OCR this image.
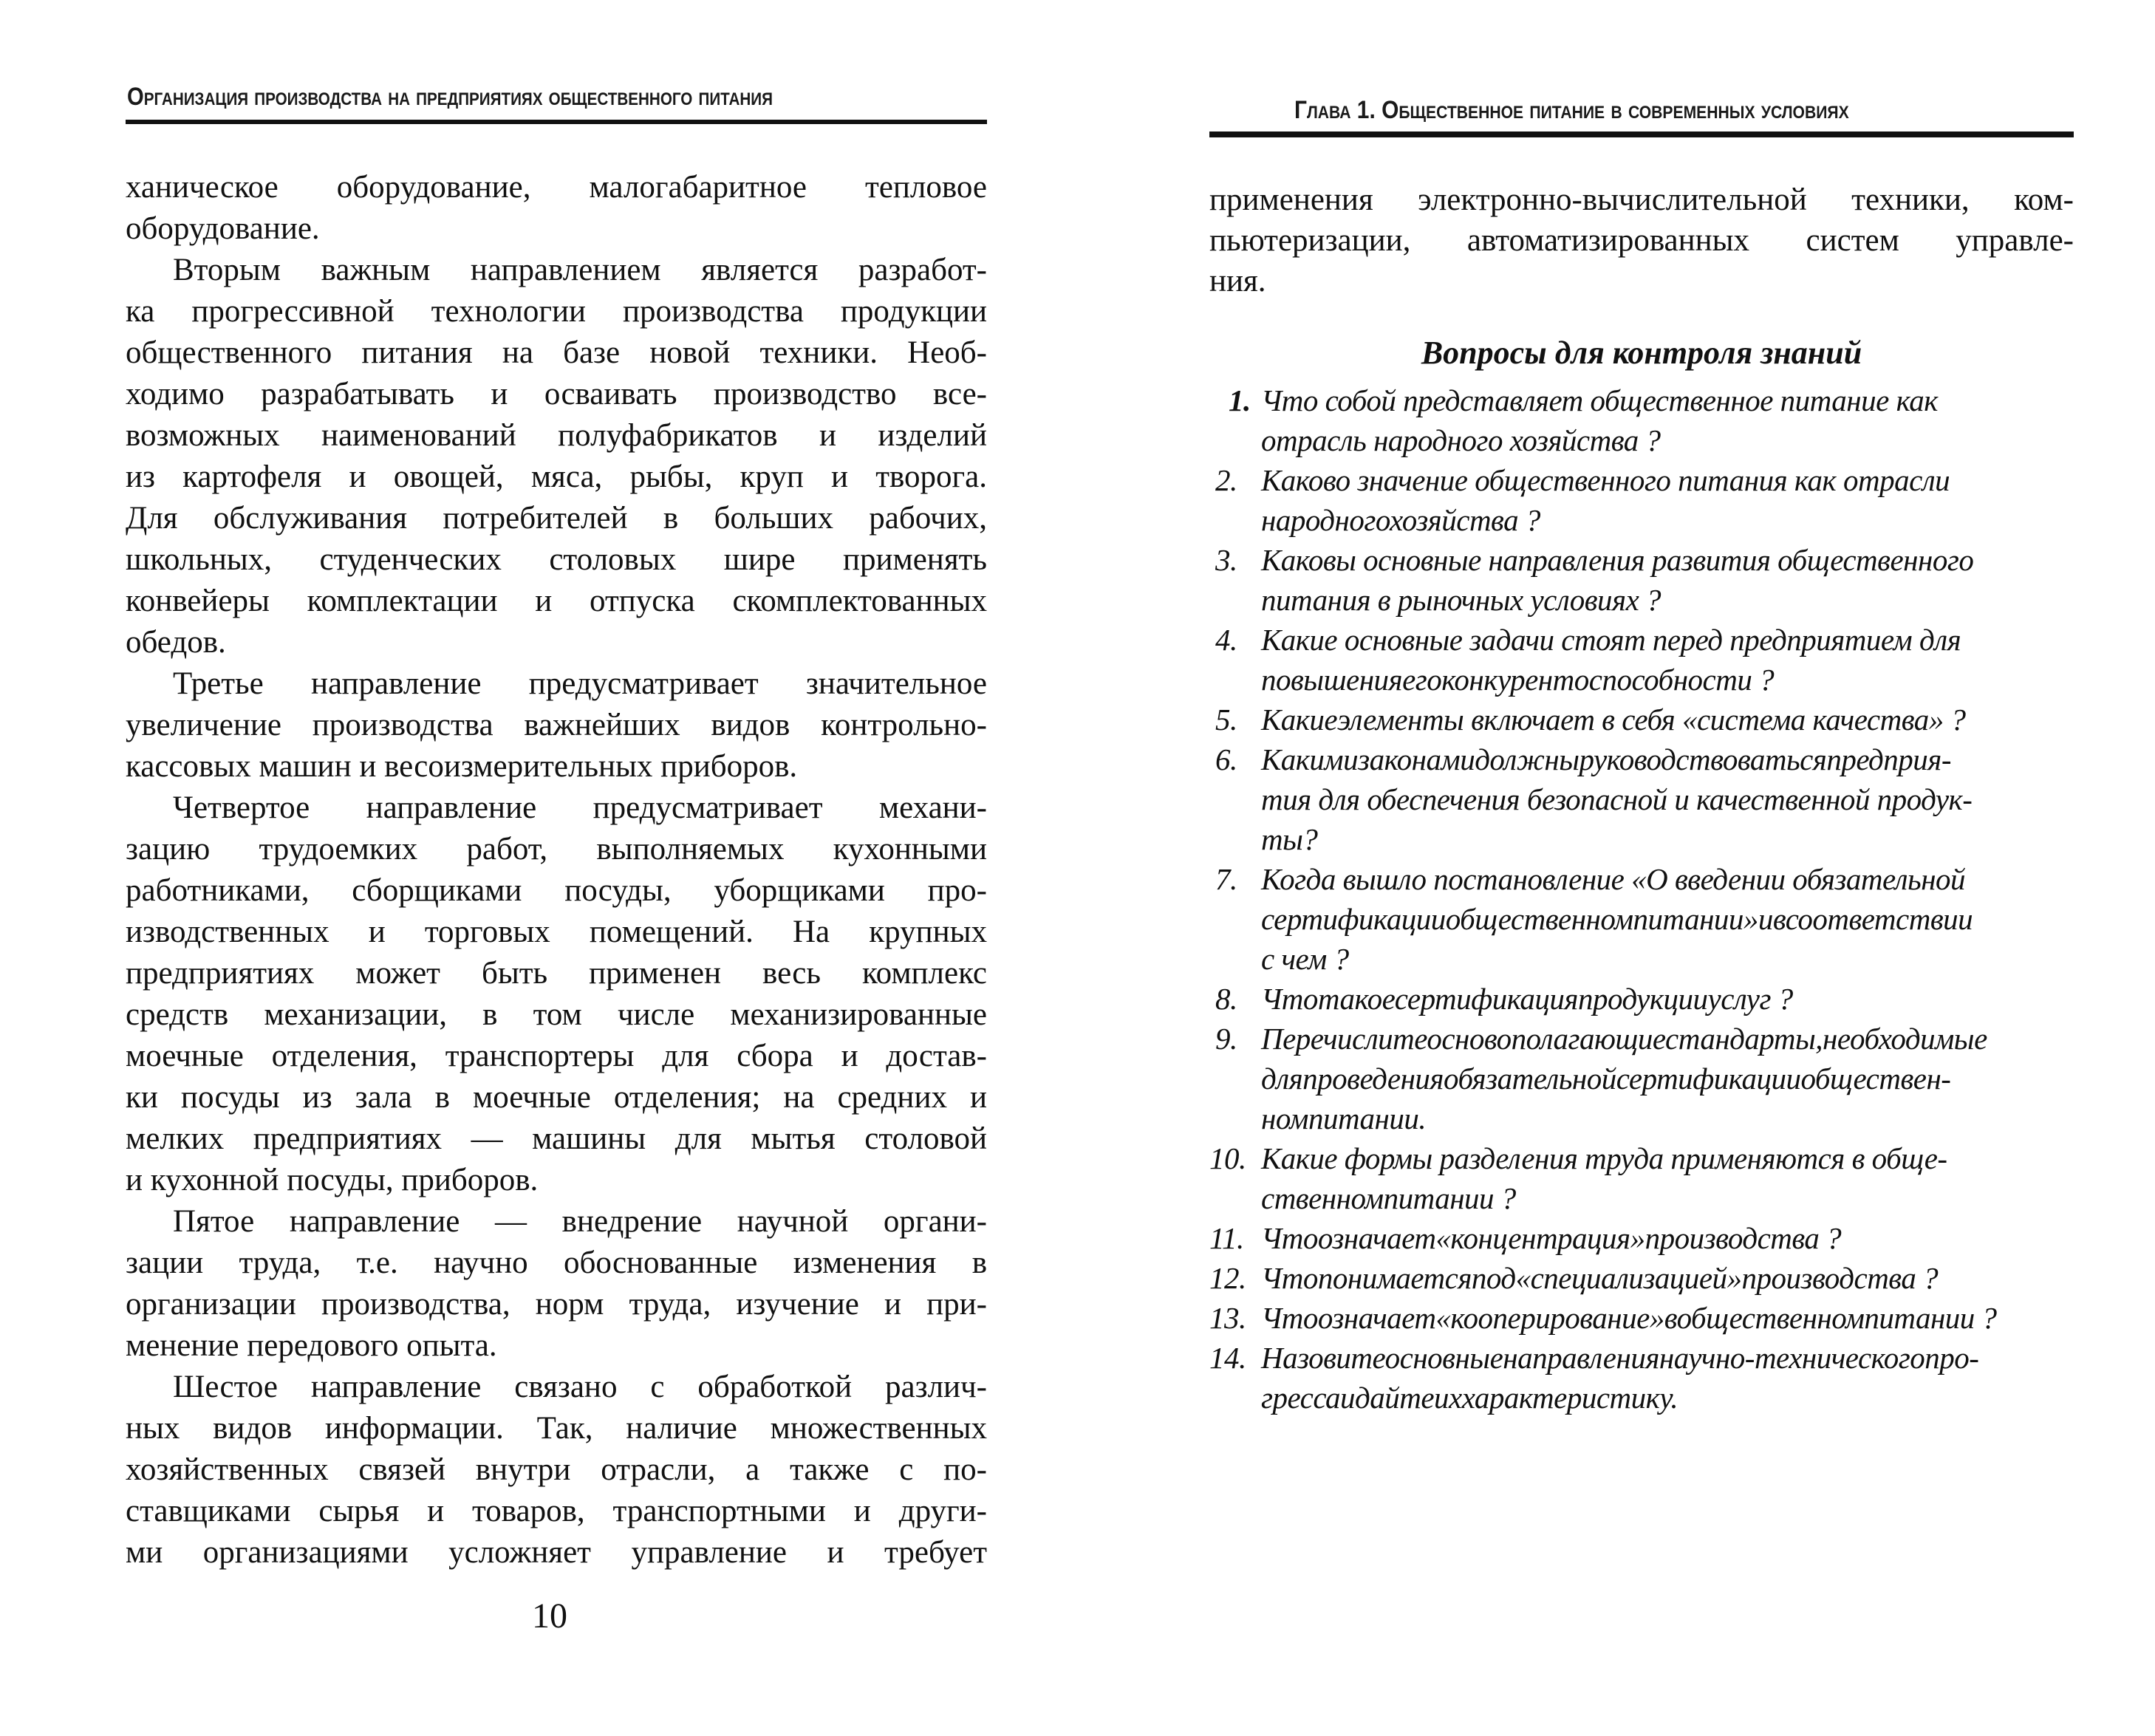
Организация производства на предприятиях общественного питания
ханическое оборудование, малогабаритное тепловое
оборудование.
Вторым важным направлением является разработ-
ка прогрессивной технологии производства продукции
общественного питания на базе новой техники. Необ-
ходимо разрабатывать и осваивать производство все-
возможных наименований полуфабрикатов и изделий
из картофеля и овощей, мяса, рыбы, круп и творога.
Для обслуживания потребителей в больших рабочих,
школьных, студенческих столовых шире применять
конвейеры комплектации и отпуска скомплектованных
обедов.
Третье направление предусматривает значительное
увеличение производства важнейших видов контрольно-
кассовых машин и весоизмерительных приборов.
Четвертое направление предусматривает механи-
зацию трудоемких работ, выполняемых кухонными
работниками, сборщиками посуды, уборщиками про-
изводственных и торговых помещений. На крупных
предприятиях может быть применен весь комплекс
средств механизации, в том числе механизированные
моечные отделения, транспортеры для сбора и достав-
ки посуды из зала в моечные отделения; на средних и
мелких предприятиях — машины для мытья столовой
и кухонной посуды, приборов.
Пятое направление — внедрение научной органи-
зации труда, т.е. научно обоснованные изменения в
организации производства, норм труда, изучение и при-
менение передового опыта.
Шестое направление связано с обработкой различ-
ных видов информации. Так, наличие множественных
хозяйственных связей внутри отрасли, а также с по-
ставщиками сырья и товаров, транспортными и други-
ми организациями усложняет управление и требует
10
Глава 1. Общественное питание в современных условиях
применения электронно-вычислительной техники, ком-
пьютеризации, автоматизированных систем управле-
ния.
Вопросы для контроля знаний
1. Что собой представляет общественное питание как
отрасль народного хозяйства ?
2. Каково значение общественного питания как отрасли
народногохозяйства ?
3. Каковы основные направления развития общественного
питания в рыночных условиях ?
4. Какие основные задачи стоят перед предприятием для
повышенияегоконкурентоспособности ?
5. Какиеэлементы включает в себя «система качества» ?
6. Какимизаконамидолжныруководствоватьсяпредприя-
тия для обеспечения безопасной и качественной продук-
ты?
7. Когда вышло постановление «О введении обязательной
сертификацииобщественномпитании»ивсоответствии
с чем ?
8. Чтотакоесертификацияпродукцииуслуг ?
9. Перечислитеосновополагающиестандарты,необходимые
дляпроведенияобязательнойсертификацииобществен-
номпитании.
10. Какие формы разделения труда применяются в обще-
ственномпитании ?
11. Чтоозначает«концентрация»производства ?
12. Чтопонимаетсяпод«специализацией»производства ?
13. Чтоозначает«кооперирование»вобщественномпитании ?
14. Назовитеосновныенаправлениянаучно-техническогопро-
грессаидайтеиххарактеристику.
